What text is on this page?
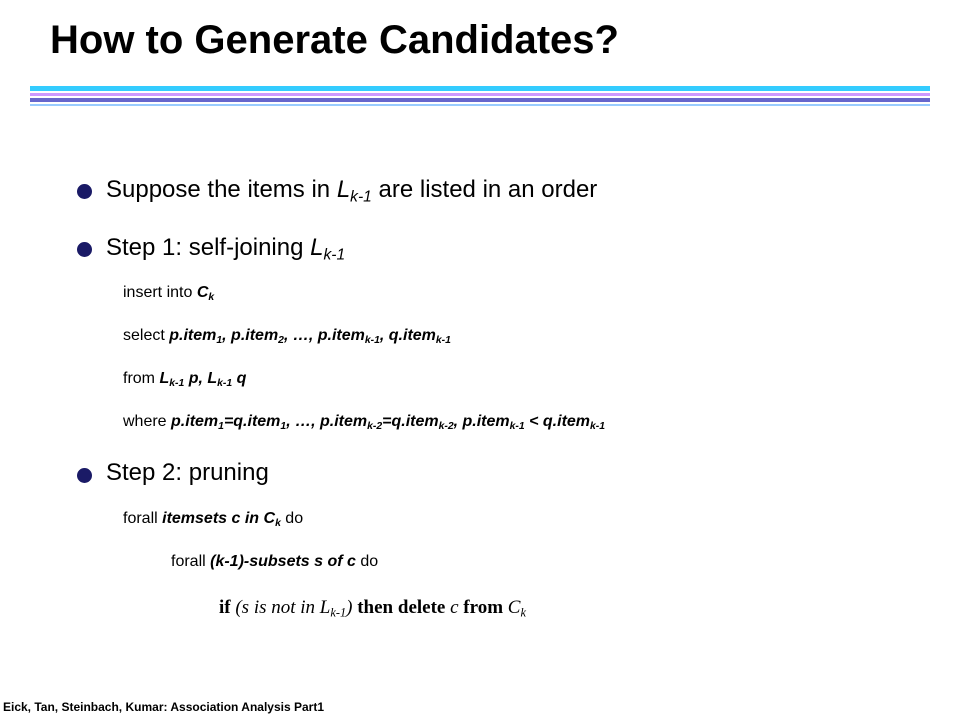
How to Generate Candidates?
Suppose the items in $L_{k-1}$ are listed in an order
Step 1: self-joining $L_{k-1}$
insert into $C_k$
select p.item$_1$, p.item$_2$, …, p.item$_{k-1}$, q.item$_{k-1}$
from $L_{k-1}$ p, $L_{k-1}$ q
where p.item$_1$=q.item$_1$, …, p.item$_{k-2}$=q.item$_{k-2}$, p.item$_{k-1}$ < q.item$_{k-1}$
Step 2: pruning
forall itemsets c in $C_k$ do
forall (k-1)-subsets s of c do
if (s is not in $L_{k-1}$) then delete c from $C_k$
Eick, Tan, Steinbach, Kumar: Association Analysis Part1
